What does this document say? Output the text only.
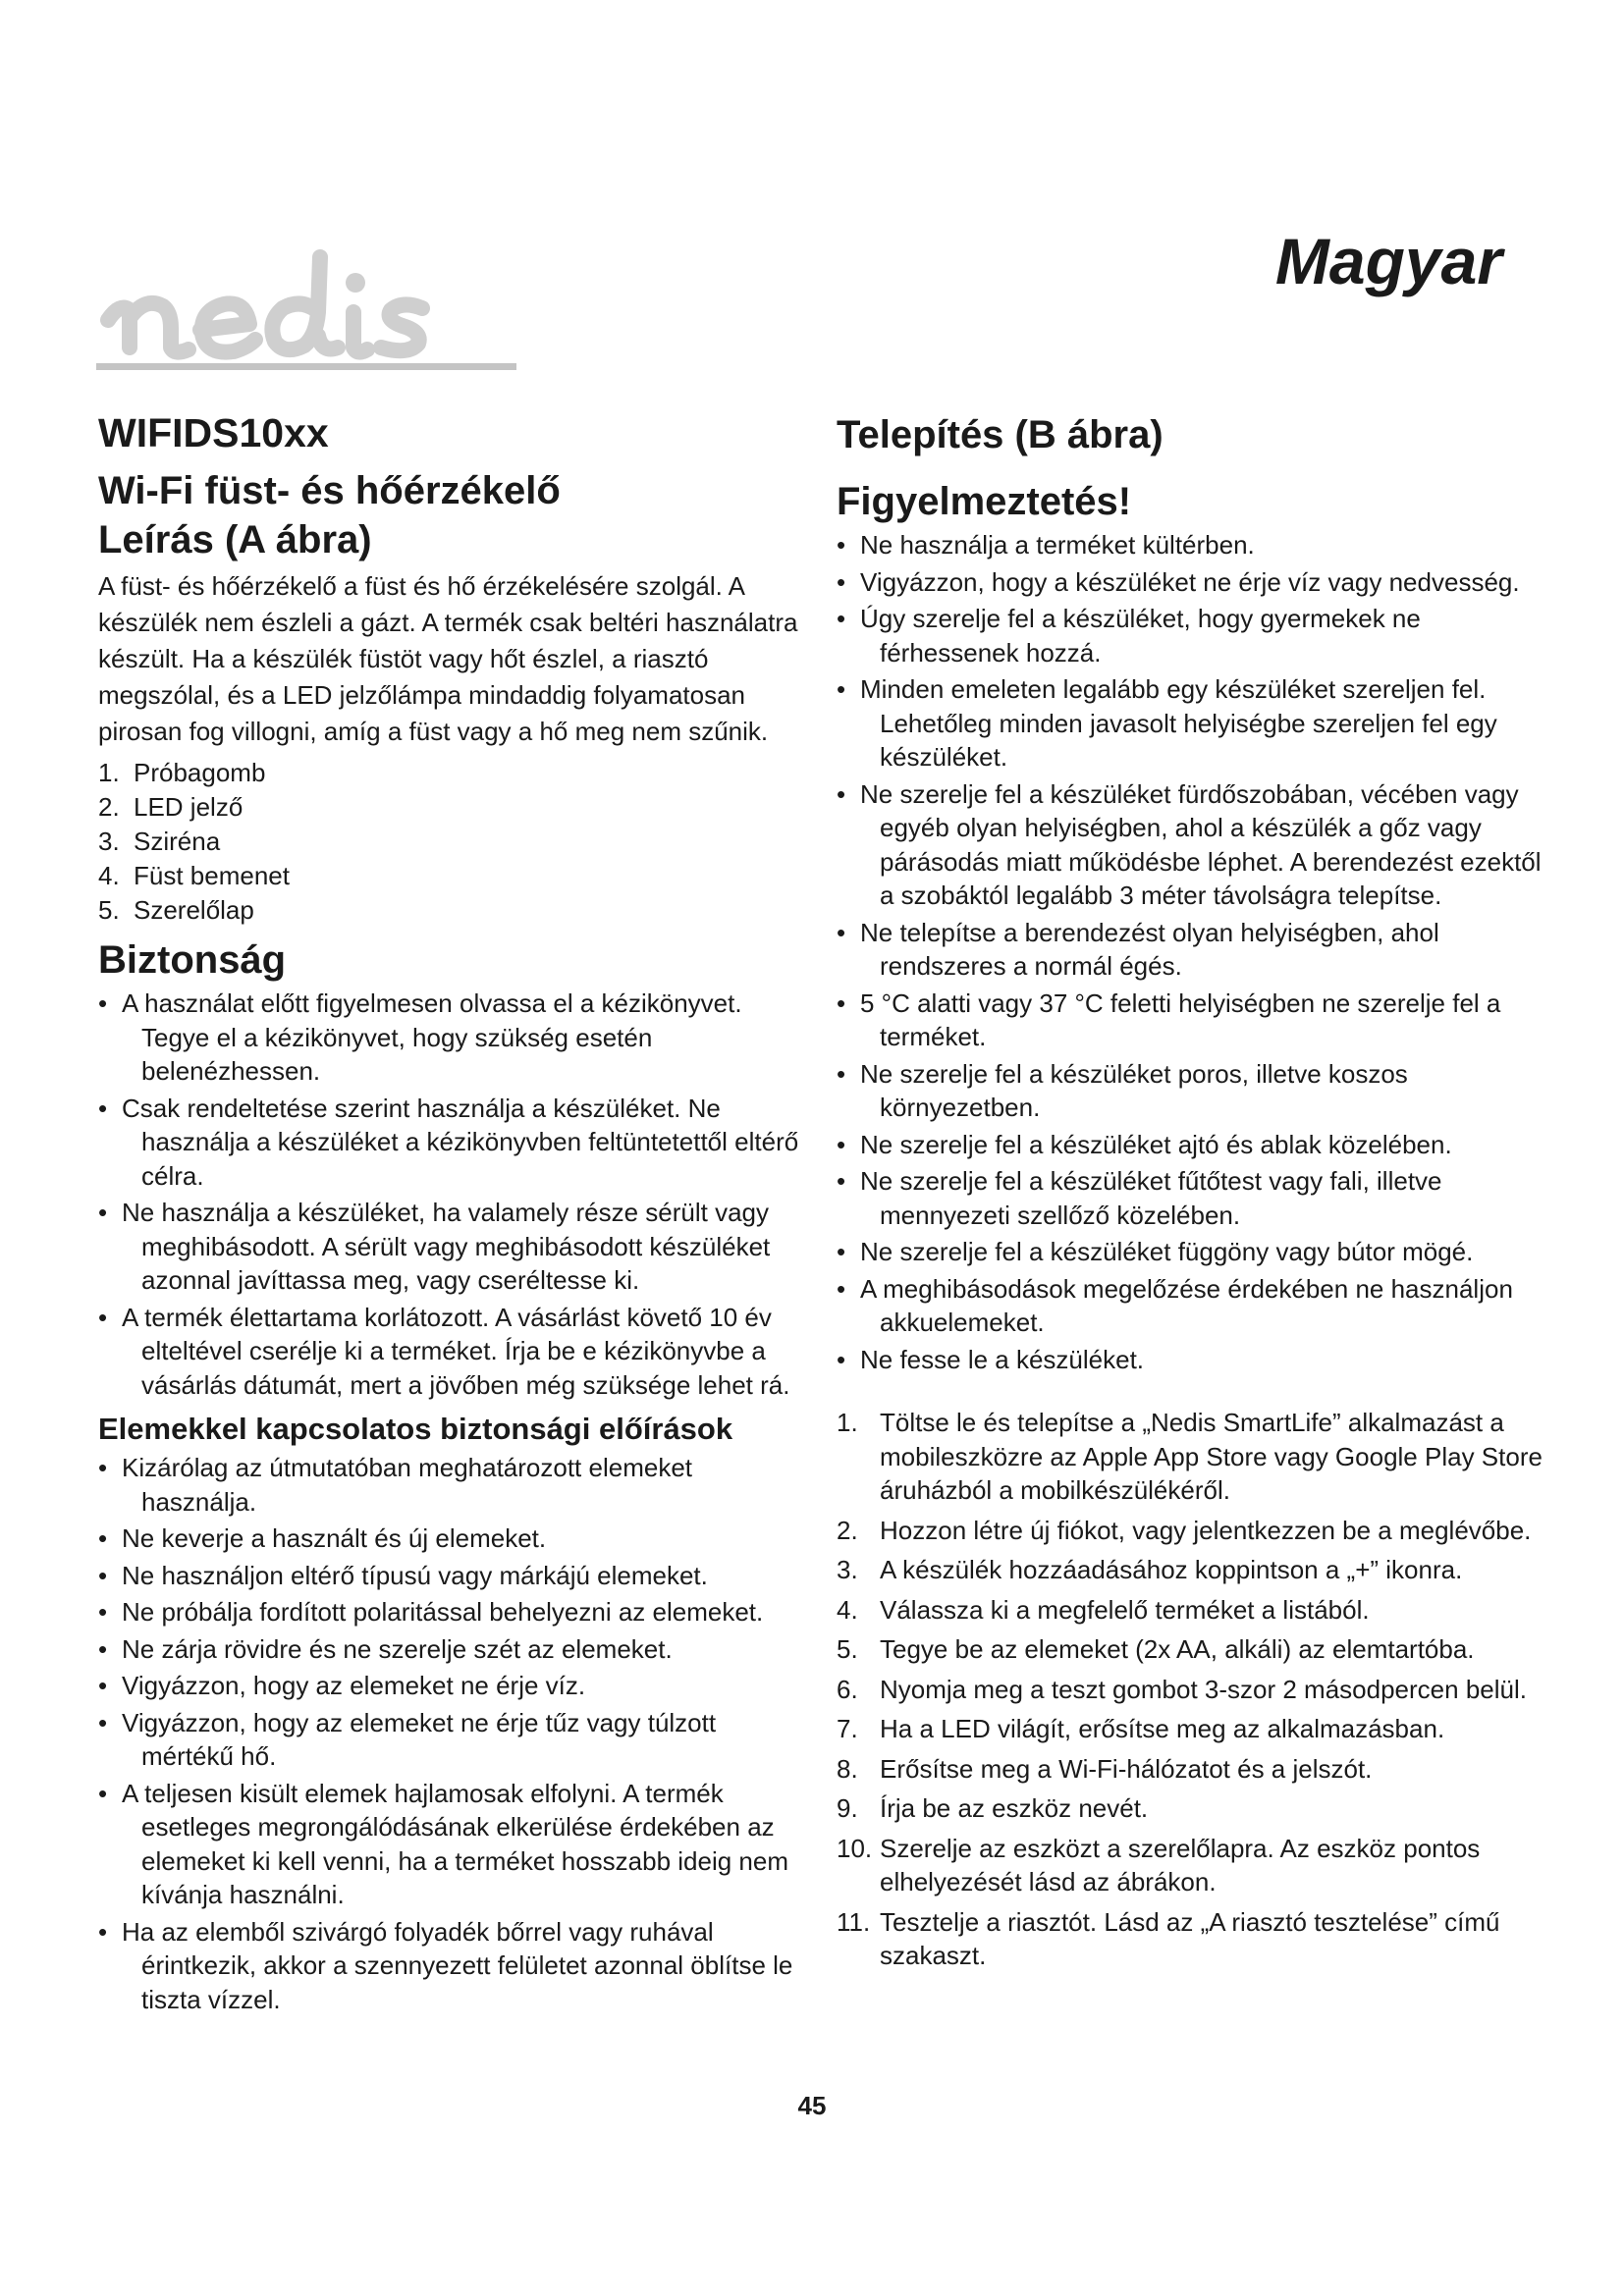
Magyar
WIFIDS10xx
Wi-Fi füst- és hőérzékelő
Leírás (A ábra)

A füst- és hőérzékelő a füst és hő érzékelésére szolgál. A készülék nem észleli a gázt. A termék csak beltéri használatra készült. Ha a készülék füstöt vagy hőt észlel, a riasztó megszólal, és a LED jelzőlámpa mindaddig folyamatosan pirosan fog villogni, amíg a füst vagy a hő meg nem szűnik.

1. Próbagomb
2. LED jelző
3. Sziréna
4. Füst bemenet
5. Szerelőlap
Biztonság
• A használat előtt figyelmesen olvassa el a kézikönyvet. Tegye el a kézikönyvet, hogy szükség esetén belenézhessen.
• Csak rendeltetése szerint használja a készüléket. Ne használja a készüléket a kézikönyvben feltüntetettől eltérő célra.
• Ne használja a készüléket, ha valamely része sérült vagy meghibásodott. A sérült vagy meghibásodott készüléket azonnal javíttassa meg, vagy cseréltesse ki.
• A termék élettartama korlátozott. A vásárlást követő 10 év elteltével cserélje ki a terméket. Írja be e kézikönyvbe a vásárlás dátumát, mert a jövőben még szüksége lehet rá.
Elemekkel kapcsolatos biztonsági előírások
• Kizárólag az útmutatóban meghatározott elemeket használja.
• Ne keverje a használt és új elemeket.
• Ne használjon eltérő típusú vagy márkájú elemeket.
• Ne próbálja fordított polaritással behelyezni az elemeket.
• Ne zárja rövidre és ne szerelje szét az elemeket.
• Vigyázzon, hogy az elemeket ne érje víz.
• Vigyázzon, hogy az elemeket ne érje tűz vagy túlzott mértékű hő.
• A teljesen kisült elemek hajlamosak elfolyni. A termék esetleges megrongálódásának elkerülése érdekében az elemeket ki kell venni, ha a terméket hosszabb ideig nem kívánja használni.
• Ha az elemből szivárgó folyadék bőrrel vagy ruhával érintkezik, akkor a szennyezett felületet azonnal öblítse le tiszta vízzel.
Telepítés (B ábra)
Figyelmeztetés!
• Ne használja a terméket kültérben.
• Vigyázzon, hogy a készüléket ne érje víz vagy nedvesség.
• Úgy szerelje fel a készüléket, hogy gyermekek ne férhessenek hozzá.
• Minden emeleten legalább egy készüléket szereljen fel. Lehetőleg minden javasolt helyiségbe szereljen fel egy készüléket.
• Ne szerelje fel a készüléket fürdőszobában, vécében vagy egyéb olyan helyiségben, ahol a készülék a gőz vagy párásodás miatt működésbe léphet. A berendezést ezektől a szobáktól legalább 3 méter távolságra telepítse.
• Ne telepítse a berendezést olyan helyiségben, ahol rendszeres a normál égés.
• 5 °C alatti vagy 37 °C feletti helyiségben ne szerelje fel a terméket.
• Ne szerelje fel a készüléket poros, illetve koszos környezetben.
• Ne szerelje fel a készüléket ajtó és ablak közelében.
• Ne szerelje fel a készüléket fűtőtest vagy fali, illetve mennyezeti szellőző közelében.
• Ne szerelje fel a készüléket függöny vagy bútor mögé.
• A meghibásodások megelőzése érdekében ne használjon akkuelemeket.
• Ne fesse le a készüléket.
1. Töltse le és telepítse a „Nedis SmartLife” alkalmazást a mobileszközre az Apple App Store vagy Google Play Store áruházból a mobilkészülékéről.
2. Hozzon létre új fiókot, vagy jelentkezzen be a meglévőbe.
3. A készülék hozzáadásához koppintson a „+” ikonra.
4. Válassza ki a megfelelő terméket a listából.
5. Tegye be az elemeket (2x AA, alkáli) az elemtartóba.
6. Nyomja meg a teszt gombot 3-szor 2 másodpercen belül.
7. Ha a LED világít, erősítse meg az alkalmazásban.
8. Erősítse meg a Wi-Fi-hálózatot és a jelszót.
9. Írja be az eszköz nevét.
10. Szerelje az eszközt a szerelőlapra. Az eszköz pontos elhelyezését lásd az ábrákon.
11. Tesztelje a riasztót. Lásd az „A riasztó tesztelése” című szakaszt.
45
